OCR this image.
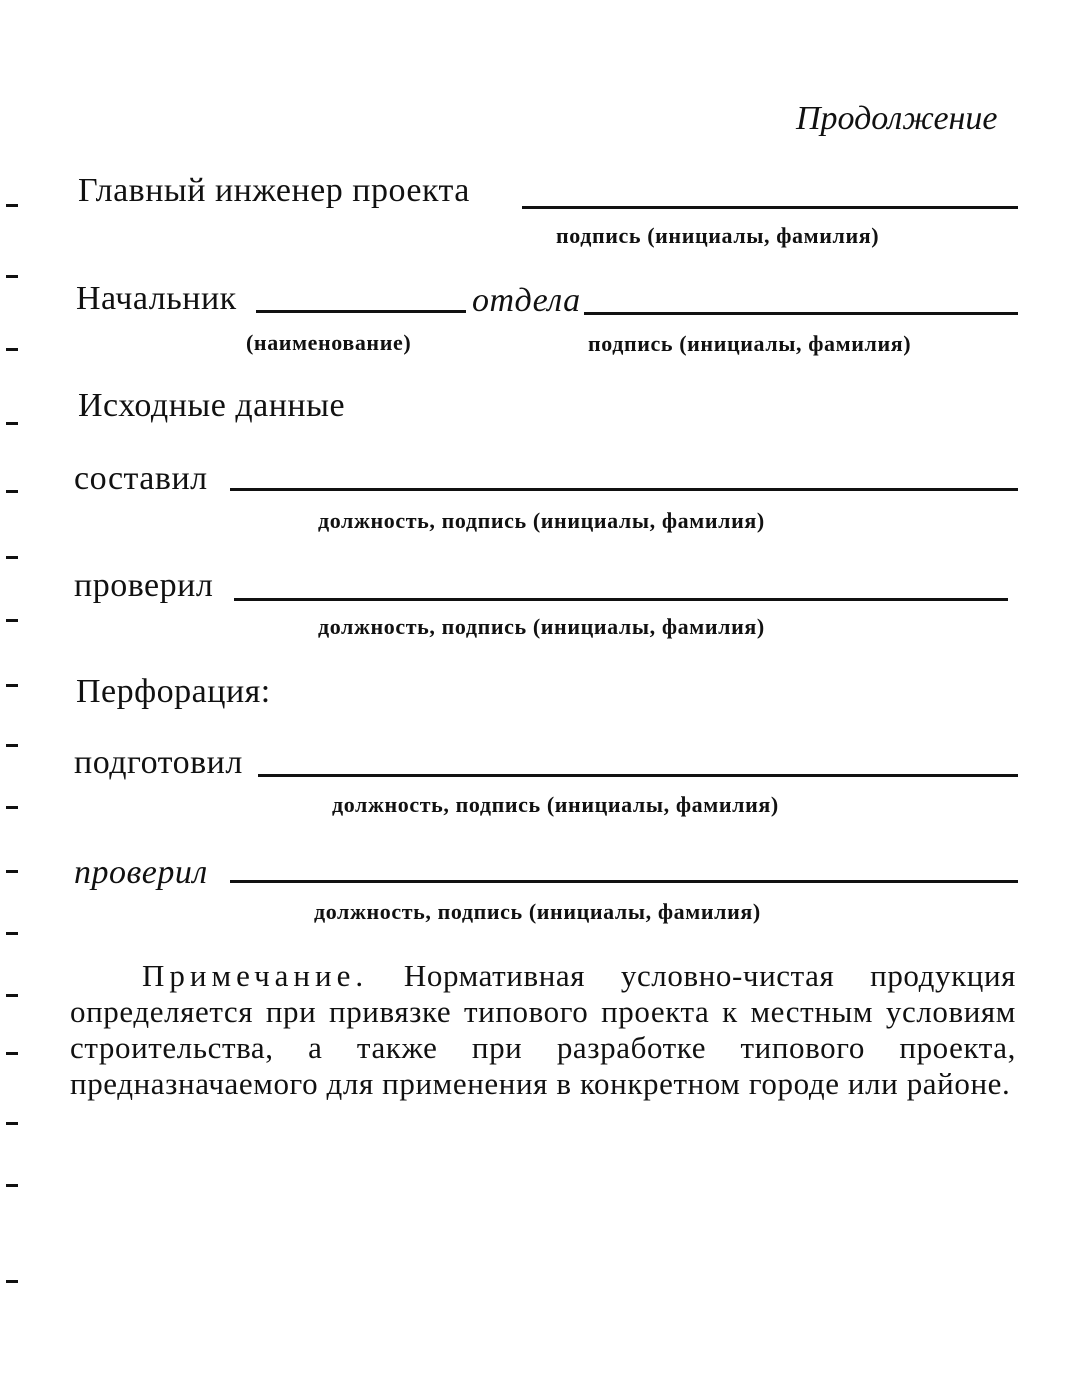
Продолжение
Главный инженер проекта
подпись (инициалы, фамилия)
Начальник	отдела
(наименование)	подпись (инициалы, фамилия)
Исходные данные
составил
должность, подпись (инициалы, фамилия)
проверил
должность, подпись (инициалы, фамилия)
Перфорация:
подготовил
должность, подпись (инициалы, фамилия)
проверил
должность, подпись (инициалы, фамилия)
Примечание. Нормативная условно-чистая продукция определяется при привязке типового проекта к местным условиям строительства, а также при разработке типового проекта, предназначаемого для применения в конкретном городе или районе.
